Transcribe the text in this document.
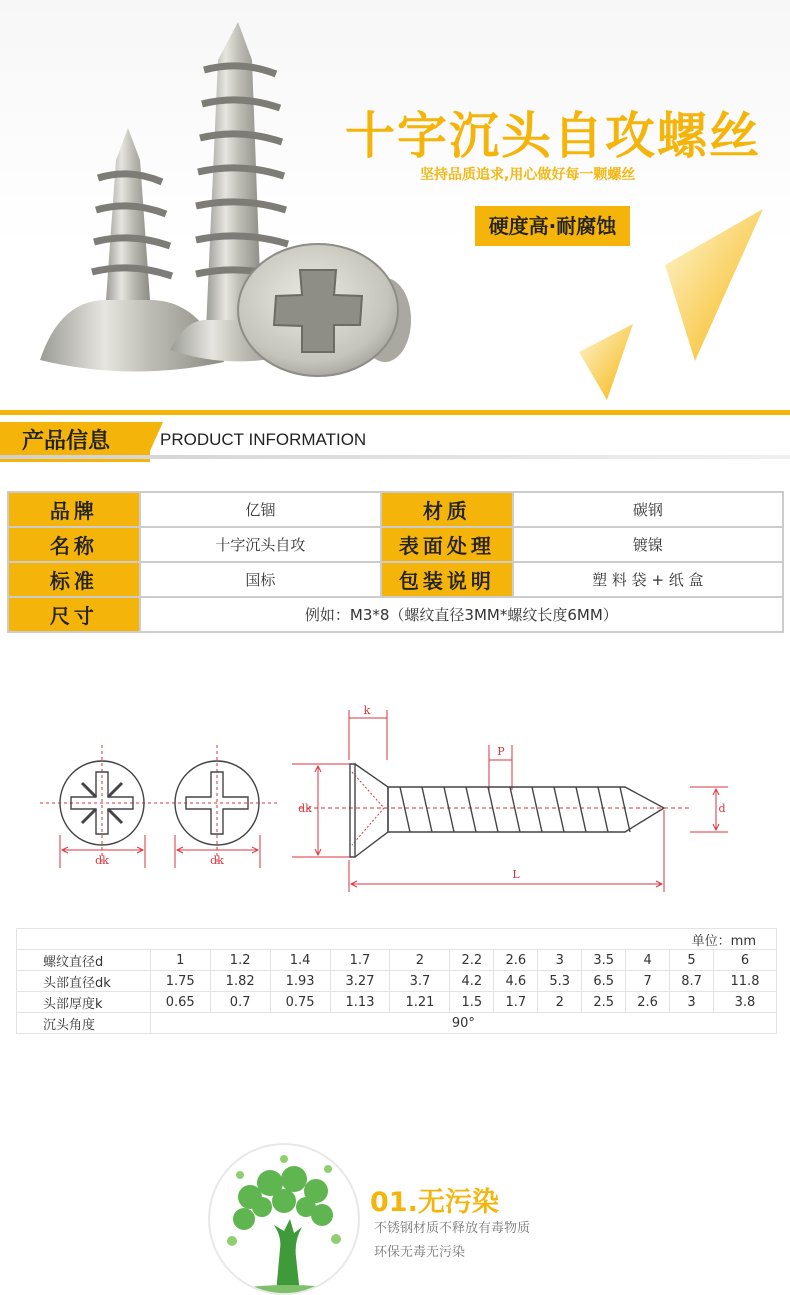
十字沉头自攻螺丝
坚持品质追求,用心做好每一颗螺丝
硬度高·耐腐蚀
产品信息	PRODUCT INFORMATION
品牌	亿锢	材质	碳钢
名称	十字沉头自攻	表面处理	镀镍
标准	国标	包装说明	塑 料 袋 + 纸 盒
尺寸	例如：M3*8（螺纹直径3MM*螺纹长度6MM）		
dk	dk
k
P
dk	d
L
单位：mm												
螺纹直径d	1	1.2	1.4	1.7	2	2.2	2.6	3	3.5	4	5	6
头部直径dk	1.75	1.82	1.93	3.27	3.7	4.2	4.6	5.3	6.5	7	8.7	11.8
头部厚度k	0.65	0.7	0.75	1.13	1.21	1.5	1.7	2	2.5	2.6	3	3.8
沉头角度	90°											
01.无污染
不锈钢材质不释放有毒物质
环保无毒无污染
